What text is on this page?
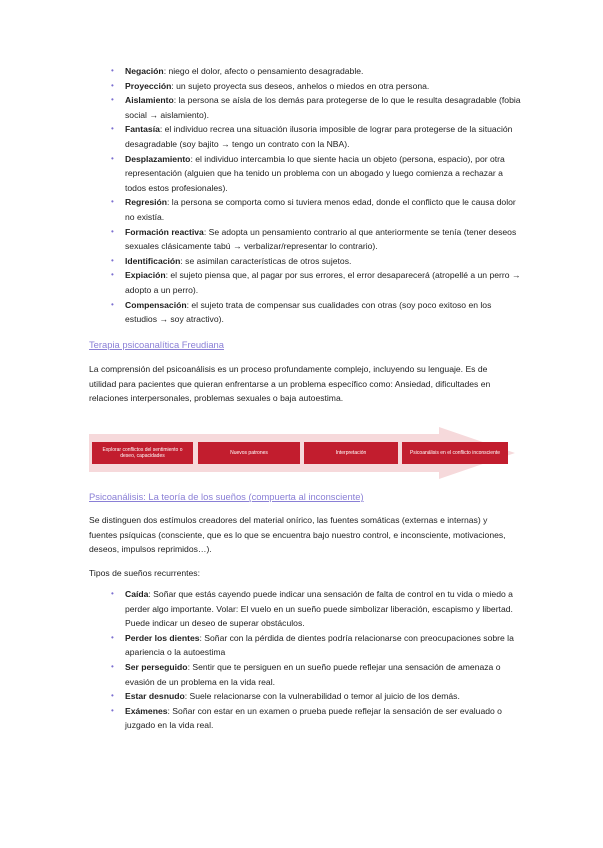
• Negación: niego el dolor, afecto o pensamiento desagradable.
• Proyección: un sujeto proyecta sus deseos, anhelos o miedos en otra persona.
• Aislamiento: la persona se aísla de los demás para protegerse de lo que le resulta desagradable (fobia social → aislamiento).
• Fantasía: el individuo recrea una situación ilusoria imposible de lograr para protegerse de la situación desagradable (soy bajito → tengo un contrato con la NBA).
• Desplazamiento: el individuo intercambia lo que siente hacia un objeto (persona, espacio), por otra representación (alguien que ha tenido un problema con un abogado y luego comienza a rechazar a todos estos profesionales).
• Regresión: la persona se comporta como si tuviera menos edad, donde el conflicto que le causa dolor no existía.
• Formación reactiva: Se adopta un pensamiento contrario al que anteriormente se tenía (tener deseos sexuales clásicamente tabú → verbalizar/representar lo contrario).
• Identificación: se asimilan características de otros sujetos.
• Expiación: el sujeto piensa que, al pagar por sus errores, el error desaparecerá (atropellé a un perro → adopto a un perro).
• Compensación: el sujeto trata de compensar sus cualidades con otras (soy poco exitoso en los estudios → soy atractivo).
Terapia psicoanalítica Freudiana

La comprensión del psicoanálisis es un proceso profundamente complejo, incluyendo su lenguaje. Es de utilidad para pacientes que quieran enfrentarse a un problema específico como: Ansiedad, dificultades en relaciones interpersonales, problemas sexuales o baja autoestima.

Explorar conflictos del sentimiento o deseo, capacidades	Nuevos patrones	Interpretación	Psicoanálisis en el conflicto inconsciente
Psicoanálisis: La teoría de los sueños (compuerta al inconsciente)

Se distinguen dos estímulos creadores del material onírico, las fuentes somáticas (externas e internas) y fuentes psíquicas (consciente, que es lo que se encuentra bajo nuestro control, e inconsciente, motivaciones, deseos, impulsos reprimidos…).

Tipos de sueños recurrentes:

• Caída: Soñar que estás cayendo puede indicar una sensación de falta de control en tu vida o miedo a perder algo importante. Volar: El vuelo en un sueño puede simbolizar liberación, escapismo y libertad. Puede indicar un deseo de superar obstáculos.
• Perder los dientes: Soñar con la pérdida de dientes podría relacionarse con preocupaciones sobre la apariencia o la autoestima
• Ser perseguido: Sentir que te persiguen en un sueño puede reflejar una sensación de amenaza o evasión de un problema en la vida real.
• Estar desnudo: Suele relacionarse con la vulnerabilidad o temor al juicio de los demás.
• Exámenes: Soñar con estar en un examen o prueba puede reflejar la sensación de ser evaluado o juzgado en la vida real.
